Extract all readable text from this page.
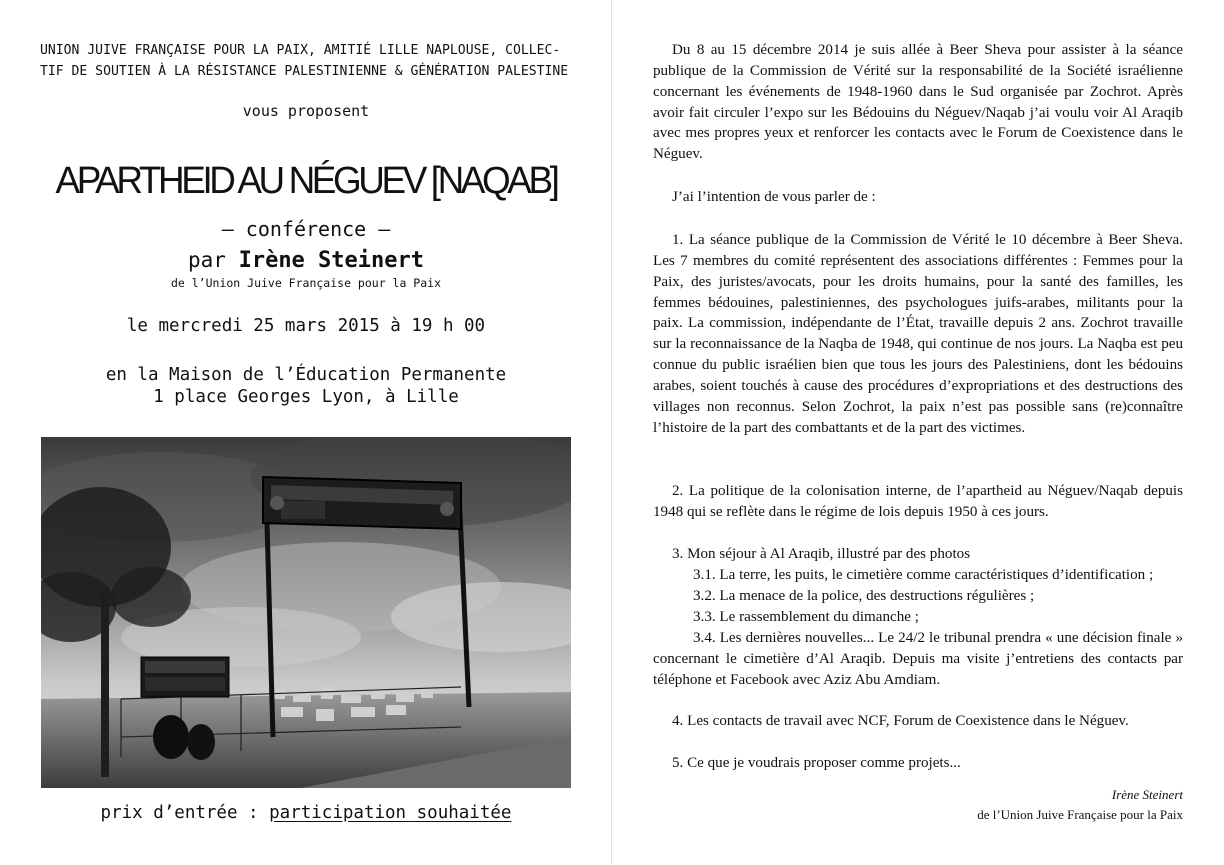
UNION JUIVE FRANÇAISE POUR LA PAIX, AMITIÉ LILLE NAPLOUSE, COLLEC-
TIF DE SOUTIEN À LA RÉSISTANCE PALESTINIENNE & GÉNÉRATION PALESTINE
vous proposent
APARTHEID AU NÉGUEV [NAQAB]
– conférence –
par Irène Steinert
de l’Union Juive Française pour la Paix
le mercredi 25 mars 2015 à 19 h 00
en la Maison de l’Éducation Permanente
1 place Georges Lyon, à Lille
prix d’entrée : participation souhaitée
Du 8 au 15 décembre 2014 je suis allée à Beer Sheva pour assister à la séance publique de la Commission de Vérité sur la responsabilité de la Société israélienne concernant les événements de 1948-1960 dans le Sud organisée par Zochrot. Après avoir fait circuler l’expo sur les Bédouins du Néguev/Naqab j’ai voulu voir Al Araqib avec mes propres yeux et renforcer les contacts avec le Forum de Coexistence dans le Néguev.
J’ai l’intention de vous parler de :
1. La séance publique de la Commission de Vérité le 10 décembre à Beer Sheva. Les 7 membres du comité représentent des associations différentes : Femmes pour la Paix, des juristes/avocats, pour les droits humains, pour la santé des familles, les femmes bédouines, palestiniennes, des psychologues juifs-arabes, militants pour la paix. La commission, indépendante de l’État, travaille depuis 2 ans. Zochrot travaille sur la reconnaissance de la Naqba de 1948, qui continue de nos jours. La Naqba est peu connue du public israélien bien que tous les jours des Palestiniens, dont les bédouins arabes, soient touchés à cause des procédures d’expropriations et des destructions des villages non reconnus. Selon Zochrot, la paix n’est pas possible sans (re)connaître l’histoire de la part des combattants et de la part des victimes.
2. La politique de la colonisation interne, de l’apartheid au Néguev/Naqab depuis 1948 qui se reflète dans le régime de lois depuis 1950 à ces jours.
3. Mon séjour à Al Araqib, illustré par des photos
3.1. La terre, les puits, le cimetière comme caractéristiques d’identification ;
3.2. La menace de la police, des destructions régulières ;
3.3. Le rassemblement du dimanche ;
3.4. Les dernières nouvelles... Le 24/2 le tribunal prendra « une décision finale » concernant le cimetière d’Al Araqib. Depuis ma visite j’entretiens des contacts par téléphone et Facebook avec Aziz Abu Amdiam.
4. Les contacts de travail avec NCF, Forum de Coexistence dans le Néguev.
5. Ce que je voudrais proposer comme projets...
Irène Steinert
de l’Union Juive Française pour la Paix
